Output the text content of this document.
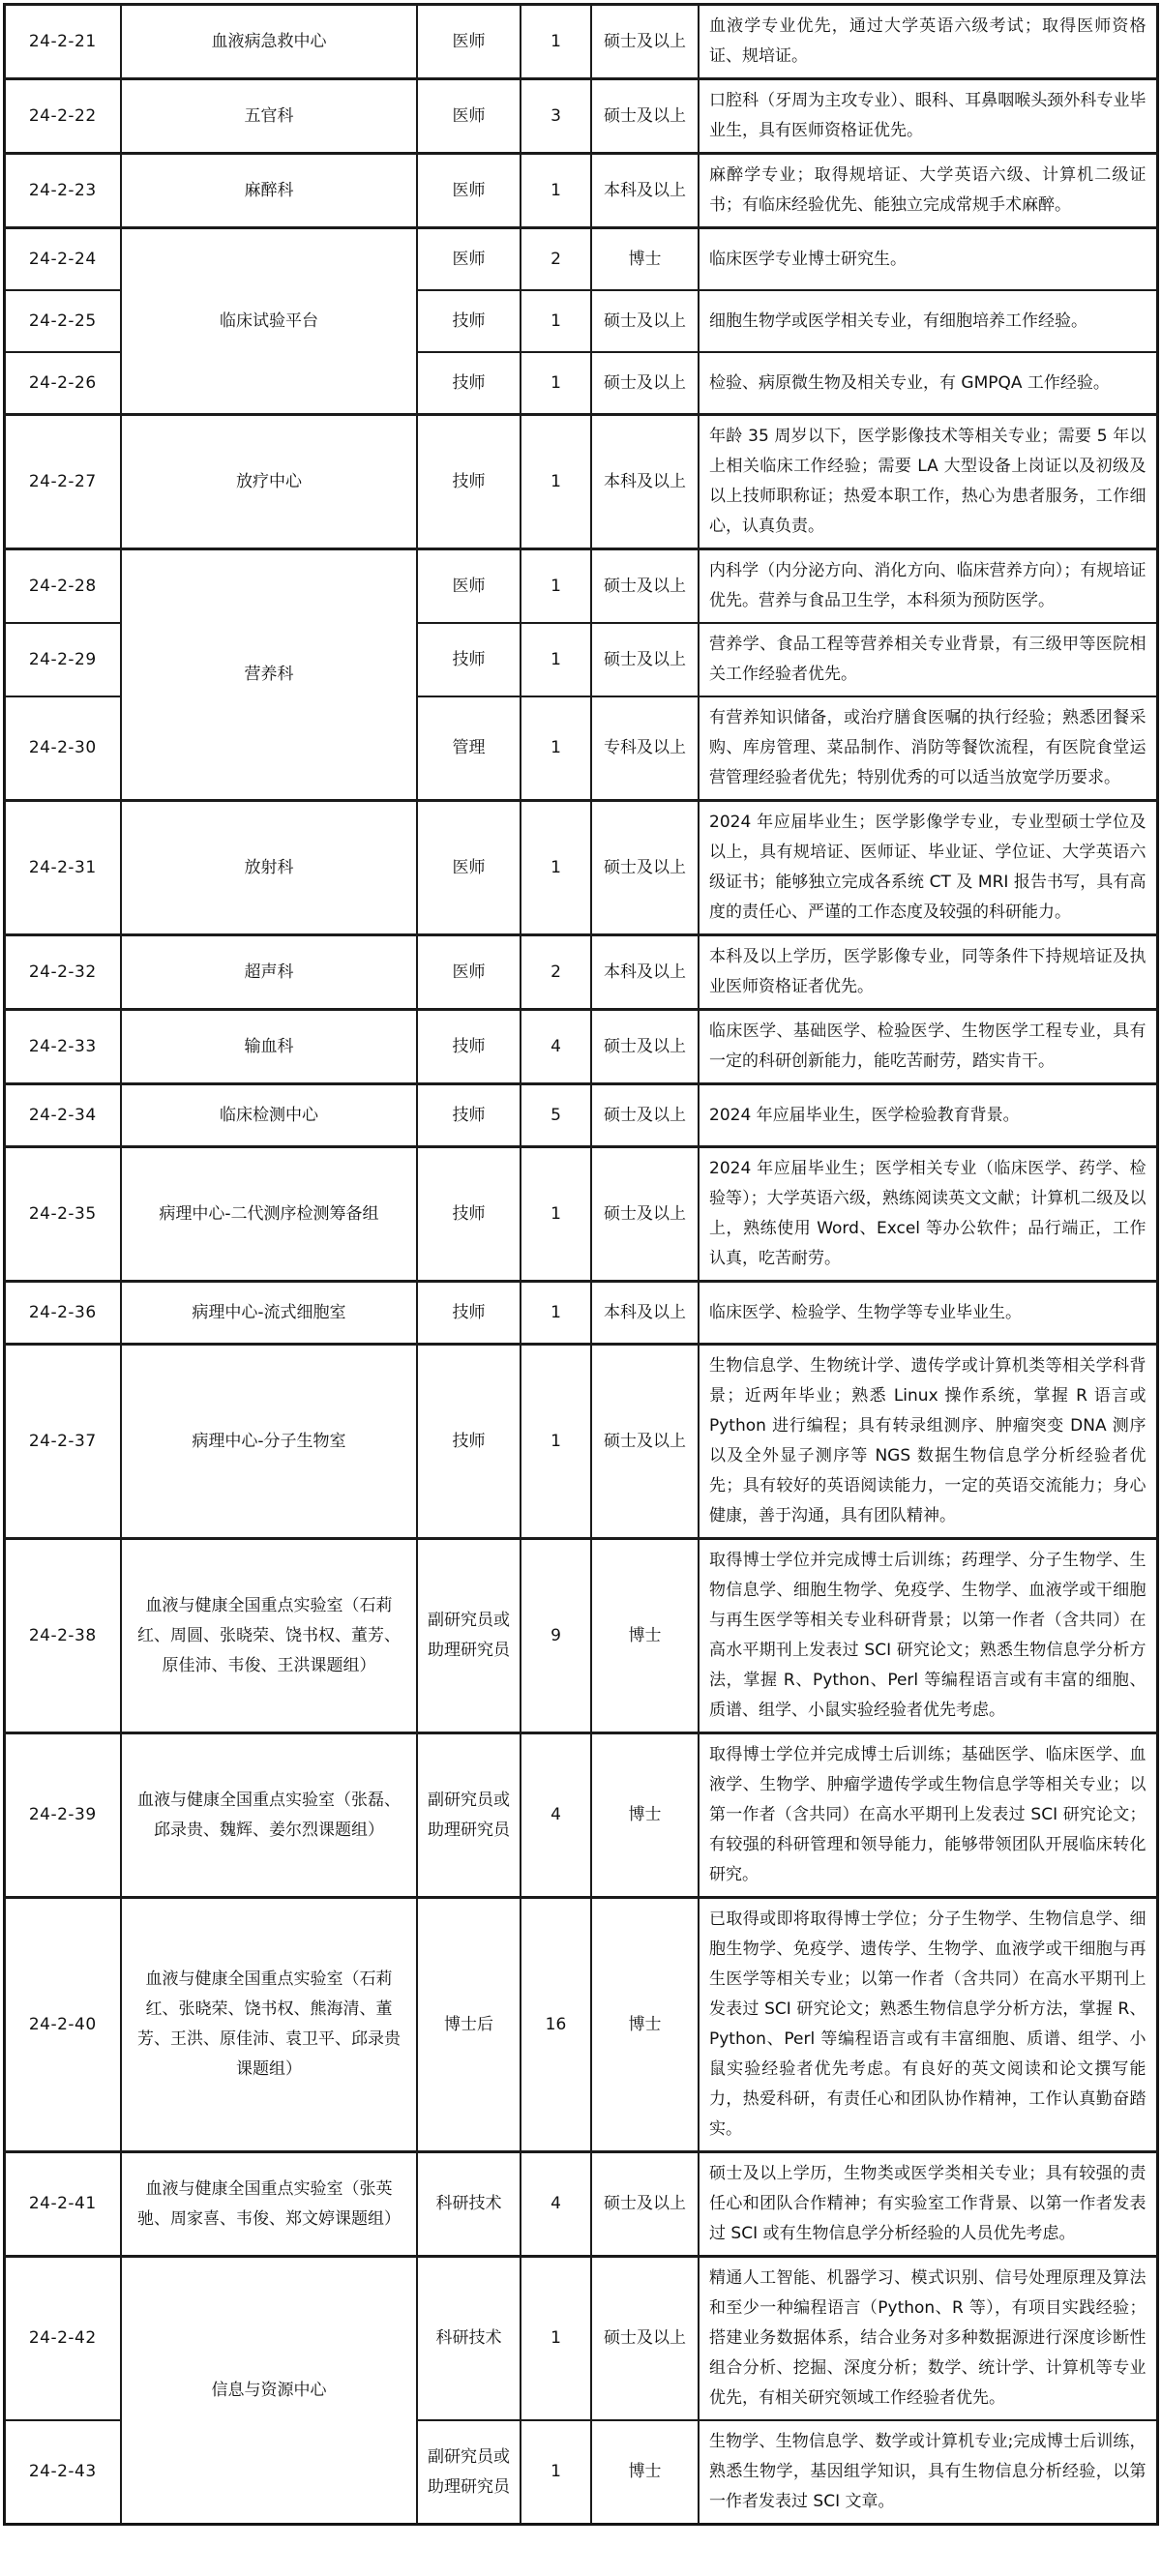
24-2-21	血液病急救中心	医师	1	硕士及以上	血液学专业优先，通过大学英语六级考试；取得医师资格证、规培证。
24-2-22	五官科	医师	3	硕士及以上	口腔科（牙周为主攻专业）、眼科、耳鼻咽喉头颈外科专业毕业生，具有医师资格证优先。
24-2-23	麻醉科	医师	1	本科及以上	麻醉学专业；取得规培证、大学英语六级、计算机二级证书；有临床经验优先、能独立完成常规手术麻醉。
24-2-24	临床试验平台	医师	2	博士	临床医学专业博士研究生。
24-2-25		技师	1	硕士及以上	细胞生物学或医学相关专业，有细胞培养工作经验。
24-2-26		技师	1	硕士及以上	检验、病原微生物及相关专业，有 GMPQA 工作经验。
24-2-27	放疗中心	技师	1	本科及以上	年龄 35 周岁以下，医学影像技术等相关专业；需要 5 年以上相关临床工作经验；需要 LA 大型设备上岗证以及初级及以上技师职称证；热爱本职工作，热心为患者服务，工作细心，认真负责。
24-2-28	营养科	医师	1	硕士及以上	内科学（内分泌方向、消化方向、临床营养方向）；有规培证优先。营养与食品卫生学，本科须为预防医学。
24-2-29		技师	1	硕士及以上	营养学、食品工程等营养相关专业背景，有三级甲等医院相关工作经验者优先。
24-2-30		管理	1	专科及以上	有营养知识储备，或治疗膳食医嘱的执行经验；熟悉团餐采购、库房管理、菜品制作、消防等餐饮流程，有医院食堂运营管理经验者优先；特别优秀的可以适当放宽学历要求。
24-2-31	放射科	医师	1	硕士及以上	2024 年应届毕业生；医学影像学专业，专业型硕士学位及以上，具有规培证、医师证、毕业证、学位证、大学英语六级证书；能够独立完成各系统 CT 及 MRI 报告书写，具有高度的责任心、严谨的工作态度及较强的科研能力。
24-2-32	超声科	医师	2	本科及以上	本科及以上学历，医学影像专业，同等条件下持规培证及执业医师资格证者优先。
24-2-33	输血科	技师	4	硕士及以上	临床医学、基础医学、检验医学、生物医学工程专业，具有一定的科研创新能力，能吃苦耐劳，踏实肯干。
24-2-34	临床检测中心	技师	5	硕士及以上	2024 年应届毕业生，医学检验教育背景。
24-2-35	病理中心-二代测序检测筹备组	技师	1	硕士及以上	2024 年应届毕业生；医学相关专业（临床医学、药学、检验等）；大学英语六级，熟练阅读英文文献；计算机二级及以上，熟练使用 Word、Excel 等办公软件；品行端正，工作认真，吃苦耐劳。
24-2-36	病理中心-流式细胞室	技师	1	本科及以上	临床医学、检验学、生物学等专业毕业生。
24-2-37	病理中心-分子生物室	技师	1	硕士及以上	生物信息学、生物统计学、遗传学或计算机类等相关学科背景；近两年毕业；熟悉 Linux 操作系统，掌握 R 语言或 Python 进行编程；具有转录组测序、肿瘤突变 DNA 测序以及全外显子测序等 NGS 数据生物信息学分析经验者优先；具有较好的英语阅读能力，一定的英语交流能力；身心健康，善于沟通，具有团队精神。
24-2-38	血液与健康全国重点实验室（石莉红、周圆、张晓荣、饶书权、董芳、原佳沛、韦俊、王洪课题组）	副研究员或助理研究员	9	博士	取得博士学位并完成博士后训练；药理学、分子生物学、生物信息学、细胞生物学、免疫学、生物学、血液学或干细胞与再生医学等相关专业科研背景；以第一作者（含共同）在高水平期刊上发表过 SCI 研究论文；熟悉生物信息学分析方法，掌握 R、Python、Perl 等编程语言或有丰富的细胞、质谱、组学、小鼠实验经验者优先考虑。
24-2-39	血液与健康全国重点实验室（张磊、邱录贵、魏辉、姜尔烈课题组）	副研究员或助理研究员	4	博士	取得博士学位并完成博士后训练；基础医学、临床医学、血液学、生物学、肿瘤学遗传学或生物信息学等相关专业；以第一作者（含共同）在高水平期刊上发表过 SCI 研究论文；有较强的科研管理和领导能力，能够带领团队开展临床转化研究。
24-2-40	血液与健康全国重点实验室（石莉红、张晓荣、饶书权、熊海清、董芳、王洪、原佳沛、袁卫平、邱录贵课题组）	博士后	16	博士	已取得或即将取得博士学位；分子生物学、生物信息学、细胞生物学、免疫学、遗传学、生物学、血液学或干细胞与再生医学等相关专业；以第一作者（含共同）在高水平期刊上发表过 SCI 研究论文；熟悉生物信息学分析方法，掌握 R、Python、Perl 等编程语言或有丰富细胞、质谱、组学、小鼠实验经验者优先考虑。有良好的英文阅读和论文撰写能力，热爱科研，有责任心和团队协作精神，工作认真勤奋踏实。
24-2-41	血液与健康全国重点实验室（张英驰、周家喜、韦俊、郑文婷课题组）	科研技术	4	硕士及以上	硕士及以上学历，生物类或医学类相关专业；具有较强的责任心和团队合作精神；有实验室工作背景、以第一作者发表过 SCI 或有生物信息学分析经验的人员优先考虑。
24-2-42	信息与资源中心	科研技术	1	硕士及以上	精通人工智能、机器学习、模式识别、信号处理原理及算法和至少一种编程语言（Python、R 等），有项目实践经验；搭建业务数据体系，结合业务对多种数据源进行深度诊断性组合分析、挖掘、深度分析；数学、统计学、计算机等专业优先，有相关研究领域工作经验者优先。
24-2-43		副研究员或助理研究员	1	博士	生物学、生物信息学、数学或计算机专业;完成博士后训练，熟悉生物学，基因组学知识，具有生物信息分析经验，以第一作者发表过 SCI 文章。
